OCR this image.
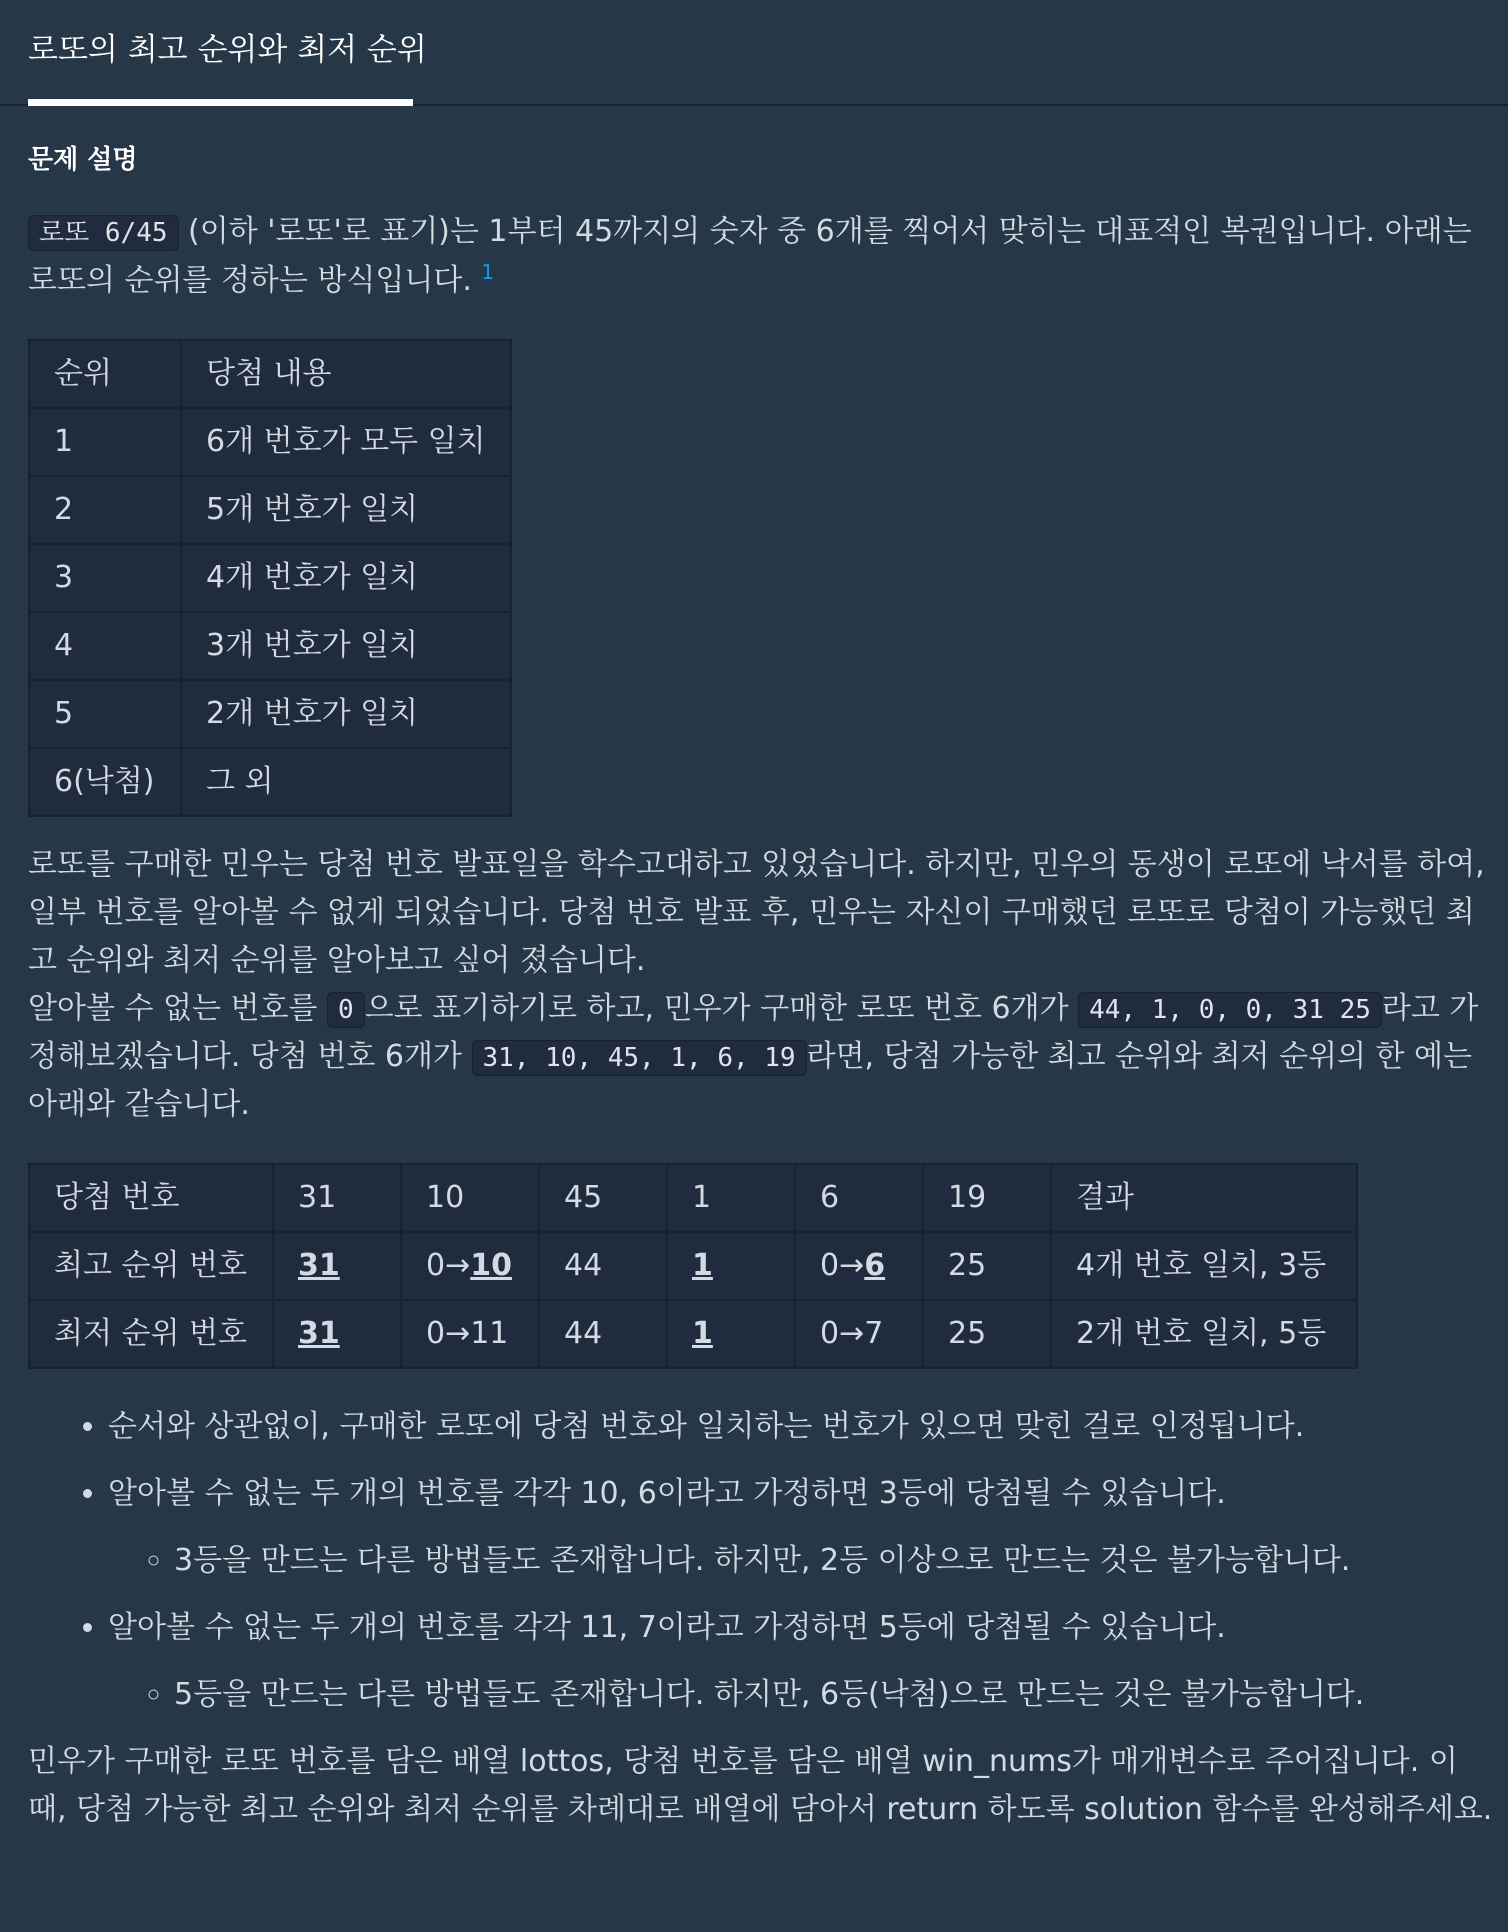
로또의 최고 순위와 최저 순위
문제 설명

로또 6/45 (이하 '로또'로 표기)는 1부터 45까지의 숫자 중 6개를 찍어서 맞히는 대표적인 복권입니다. 아래는 로또의 순위를 정하는 방식입니다. $^1$

순위	당첨 내용
1	6개 번호가 모두 일치
2	5개 번호가 일치
3	4개 번호가 일치
4	3개 번호가 일치
5	2개 번호가 일치
6(낙첨)	그 외

로또를 구매한 민우는 당첨 번호 발표일을 학수고대하고 있었습니다. 하지만, 민우의 동생이 로또에 낙서를 하여, 일부 번호를 알아볼 수 없게 되었습니다. 당첨 번호 발표 후, 민우는 자신이 구매했던 로또로 당첨이 가능했던 최고 순위와 최저 순위를 알아보고 싶어 졌습니다.

알아볼 수 없는 번호를 0 으로 표기하기로 하고, 민우가 구매한 로또 번호 6개가 44, 1, 0, 0, 31 25 라고 가정해보겠습니다. 당첨 번호 6개가 31, 10, 45, 1, 6, 19 라면, 당첨 가능한 최고 순위와 최저 순위의 한 예는 아래와 같습니다.

당첨 번호	31	10	45	1	6	19	결과
최고 순위 번호	31	0→10	44	1	0→6	25	4개 번호 일치, 3등
최저 순위 번호	31	0→11	44	1	0→7	25	2개 번호 일치, 5등
• 순서와 상관없이, 구매한 로또에 당첨 번호와 일치하는 번호가 있으면 맞힌 걸로 인정됩니다.
• 알아볼 수 없는 두 개의 번호를 각각 10, 6이라고 가정하면 3등에 당첨될 수 있습니다.
◦ 3등을 만드는 다른 방법들도 존재합니다. 하지만, 2등 이상으로 만드는 것은 불가능합니다.
• 알아볼 수 없는 두 개의 번호를 각각 11, 7이라고 가정하면 5등에 당첨될 수 있습니다.
◦ 5등을 만드는 다른 방법들도 존재합니다. 하지만, 6등(낙첨)으로 만드는 것은 불가능합니다.

민우가 구매한 로또 번호를 담은 배열 lottos, 당첨 번호를 담은 배열 win_nums가 매개변수로 주어집니다. 이때, 당첨 가능한 최고 순위와 최저 순위를 차례대로 배열에 담아서 return 하도록 solution 함수를 완성해주세요.
